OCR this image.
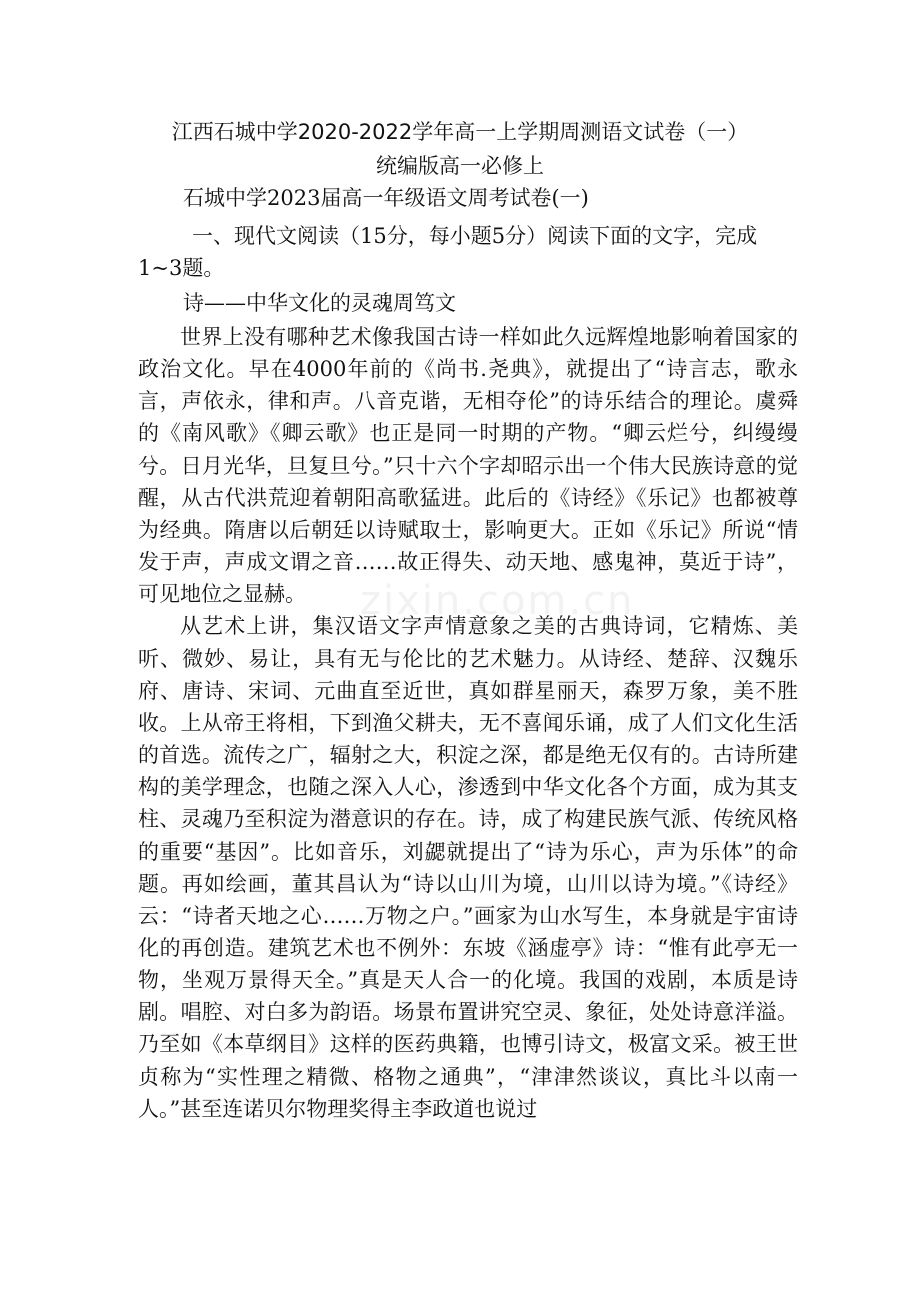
zixin.com.cn
江西石城中学2020-2022学年高一上学期周测语文试卷（一）
统编版高一必修上
石城中学2023届高一年级语文周考试卷(一)
一、现代文阅读（15分，每小题5分）阅读下面的文字，完成
1~3题。
诗——中华文化的灵魂周笃文

世界上没有哪种艺术像我国古诗一样如此久远辉煌地影响着国家的政治文化。早在4000年前的《尚书.尧典》，就提出了“诗言志，歌永言，声依永，律和声。八音克谐，无相夺伦”的诗乐结合的理论。虞舜的《南风歌》《卿云歌》也正是同一时期的产物。“卿云烂兮，纠缦缦兮。日月光华，旦复旦兮。”只十六个字却昭示出一个伟大民族诗意的觉醒，从古代洪荒迎着朝阳高歌猛进。此后的《诗经》《乐记》也都被尊为经典。隋唐以后朝廷以诗赋取士，影响更大。正如《乐记》所说“情发于声，声成文谓之音……故正得失、动天地、感鬼神，莫近于诗”，可见地位之显赫。

从艺术上讲，集汉语文字声情意象之美的古典诗词，它精炼、美听、微妙、易让，具有无与伦比的艺术魅力。从诗经、楚辞、汉魏乐府、唐诗、宋词、元曲直至近世，真如群星丽天，森罗万象，美不胜收。上从帝王将相，下到渔父耕夫，无不喜闻乐诵，成了人们文化生活的首选。流传之广，辐射之大，积淀之深，都是绝无仅有的。古诗所建构的美学理念，也随之深入人心，渗透到中华文化各个方面，成为其支柱、灵魂乃至积淀为潜意识的存在。诗，成了构建民族气派、传统风格的重要“基因”。比如音乐，刘勰就提出了“诗为乐心，声为乐体”的命题。再如绘画，董其昌认为“诗以山川为境，山川以诗为境。”《诗经》云：“诗者天地之心……万物之户。”画家为山水写生，本身就是宇宙诗化的再创造。建筑艺术也不例外：东坡《涵虚亭》诗：“惟有此亭无一物，坐观万景得天全。”真是天人合一的化境。我国的戏剧，本质是诗剧。唱腔、对白多为韵语。场景布置讲究空灵、象征，处处诗意洋溢。乃至如《本草纲目》这样的医药典籍，也博引诗文，极富文采。被王世贞称为“实性理之精微、格物之通典”，“津津然谈议，真比斗以南一人。”甚至连诺贝尔物理奖得主李政道也说过
